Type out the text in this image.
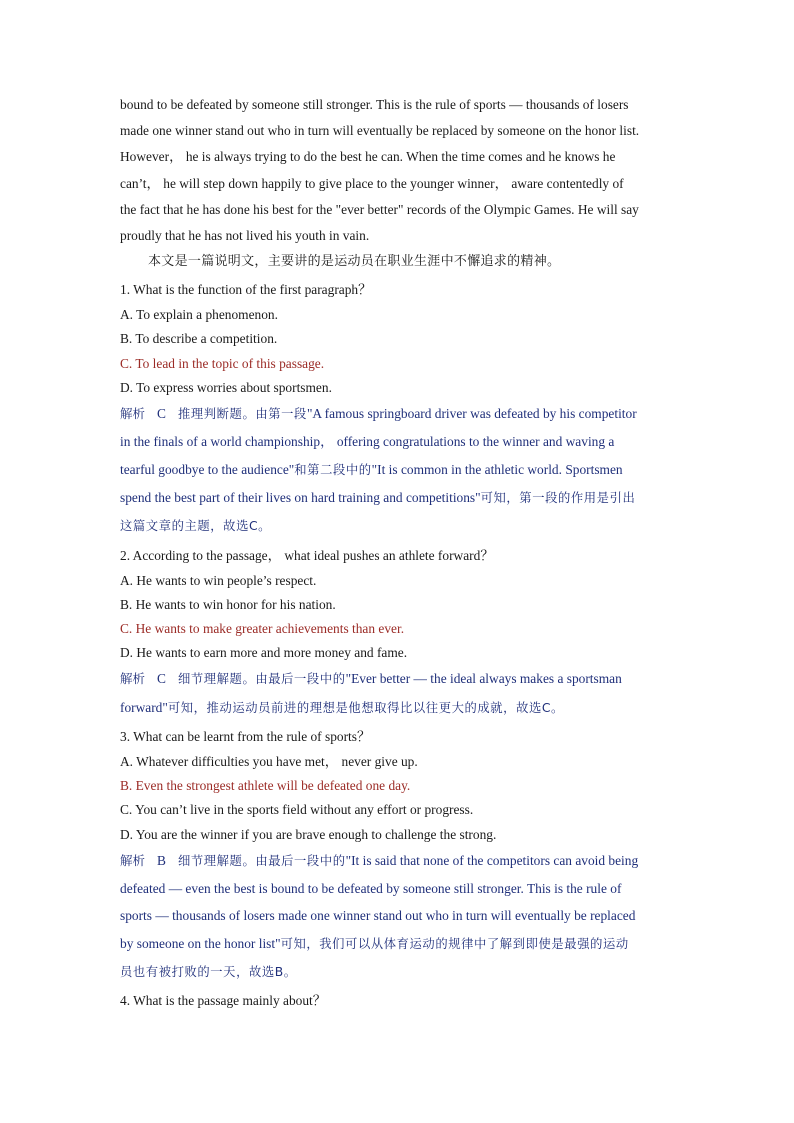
bound to be defeated by someone still stronger. This is the rule of sports — thousands of losers
made one winner stand out who in turn will eventually be replaced by someone on the honor list.
However， he is always trying to do the best he can. When the time comes and he knows he
can’t， he will step down happily to give place to the younger winner， aware contentedly of
the fact that he has done his best for the "ever better" records of the Olympic Games. He will say
proudly that he has not lived his youth in vain.
本文是一篇说明文，主要讲的是运动员在职业生涯中不懈追求的精神。
1. What is the function of the first paragraph？
A. To explain a phenomenon.
B. To describe a competition.
C. To lead in the topic of this passage.
D. To express worries about sportsmen.
解析 C 推理判断题。由第一段"A famous springboard driver was defeated by his competitor
in the finals of a world championship， offering congratulations to the winner and waving a
tearful goodbye to the audience"和第二段中的"It is common in the athletic world. Sportsmen
spend the best part of their lives on hard training and competitions"可知，第一段的作用是引出
这篇文章的主题，故选C。
2. According to the passage， what ideal pushes an athlete forward？
A. He wants to win people’s respect.
B. He wants to win honor for his nation.
C. He wants to make greater achievements than ever.
D. He wants to earn more and more money and fame.
解析 C 细节理解题。由最后一段中的"Ever better — the ideal always makes a sportsman
forward"可知，推动运动员前进的理想是他想取得比以往更大的成就，故选C。
3. What can be learnt from the rule of sports？
A. Whatever difficulties you have met， never give up.
B. Even the strongest athlete will be defeated one day.
C. You can’t live in the sports field without any effort or progress.
D. You are the winner if you are brave enough to challenge the strong.
解析 B 细节理解题。由最后一段中的"It is said that none of the competitors can avoid being
defeated — even the best is bound to be defeated by someone still stronger. This is the rule of
sports — thousands of losers made one winner stand out who in turn will eventually be replaced
by someone on the honor list"可知，我们可以从体育运动的规律中了解到即使是最强的运动
员也有被打败的一天，故选B。
4. What is the passage mainly about？
